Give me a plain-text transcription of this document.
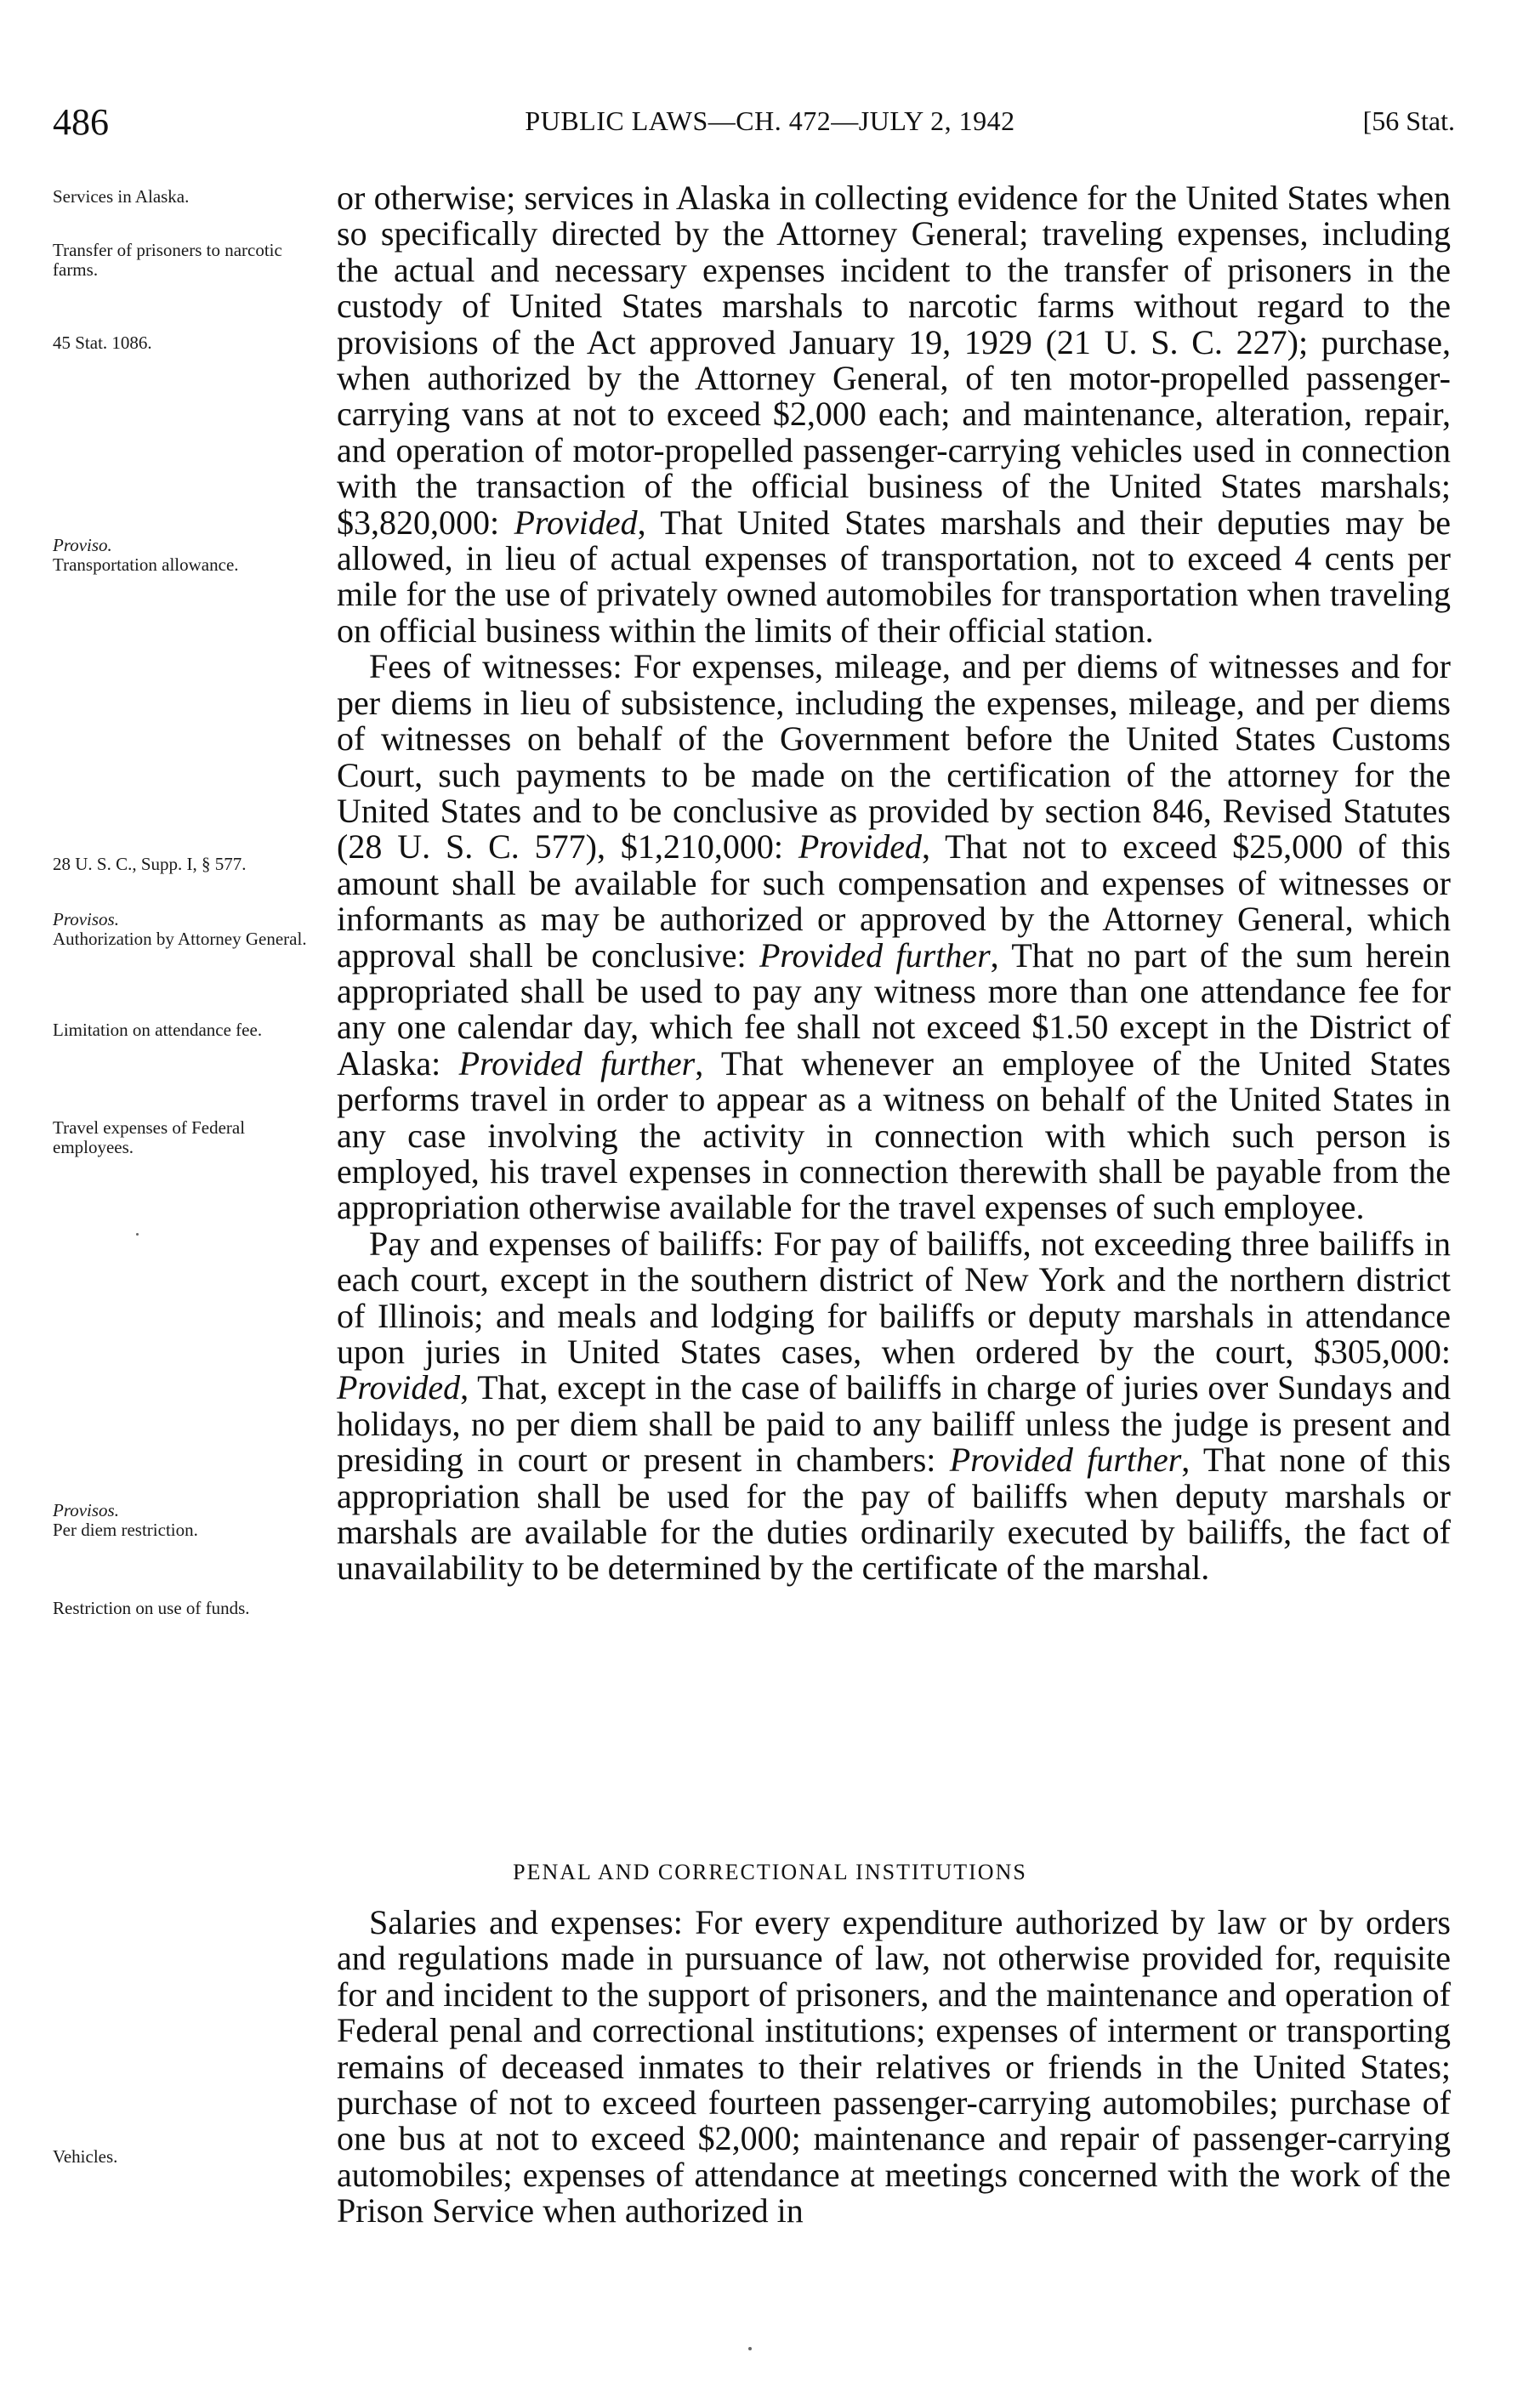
486	PUBLIC LAWS—CH. 472—JULY 2, 1942	[56 Stat.
Services in Alaska.
Transfer of prisoners to narcotic farms.
45 Stat. 1086.
Proviso.
Transportation allowance.
28 U. S. C., Supp. I, § 577.
Provisos.
Authorization by Attorney General.
Limitation on attendance fee.
Travel expenses of Federal employees.
Provisos.
Per diem restriction.
Restriction on use of funds.
Vehicles.

or otherwise; services in Alaska in collecting evidence for the United States when so specifically directed by the Attorney General; traveling expenses, including the actual and necessary expenses incident to the transfer of prisoners in the custody of United States marshals to narcotic farms without regard to the provisions of the Act approved January 19, 1929 (21 U. S. C. 227); purchase, when authorized by the Attorney General, of ten motor-propelled passenger-carrying vans at not to exceed $2,000 each; and maintenance, alteration, repair, and operation of motor-propelled passenger-carrying vehicles used in connection with the transaction of the official business of the United States marshals; $3,820,000: Provided, That United States marshals and their deputies may be allowed, in lieu of actual expenses of transportation, not to exceed 4 cents per mile for the use of privately owned automobiles for transportation when traveling on official business within the limits of their official station.

Fees of witnesses: For expenses, mileage, and per diems of witnesses and for per diems in lieu of subsistence, including the expenses, mileage, and per diems of witnesses on behalf of the Government before the United States Customs Court, such payments to be made on the certification of the attorney for the United States and to be conclusive as provided by section 846, Revised Statutes (28 U. S. C. 577), $1,210,000: Provided, That not to exceed $25,000 of this amount shall be available for such compensation and expenses of witnesses or informants as may be authorized or approved by the Attorney General, which approval shall be conclusive: Provided further, That no part of the sum herein appropriated shall be used to pay any witness more than one attendance fee for any one calendar day, which fee shall not exceed $1.50 except in the District of Alaska: Provided further, That whenever an employee of the United States performs travel in order to appear as a witness on behalf of the United States in any case involving the activity in connection with which such person is employed, his travel expenses in connection therewith shall be payable from the appropriation otherwise available for the travel expenses of such employee.

Pay and expenses of bailiffs: For pay of bailiffs, not exceeding three bailiffs in each court, except in the southern district of New York and the northern district of Illinois; and meals and lodging for bailiffs or deputy marshals in attendance upon juries in United States cases, when ordered by the court, $305,000: Provided, That, except in the case of bailiffs in charge of juries over Sundays and holidays, no per diem shall be paid to any bailiff unless the judge is present and presiding in court or present in chambers: Provided further, That none of this appropriation shall be used for the pay of bailiffs when deputy marshals or marshals are available for the duties ordinarily executed by bailiffs, the fact of unavailability to be determined by the certificate of the marshal.

PENAL AND CORRECTIONAL INSTITUTIONS

Salaries and expenses: For every expenditure authorized by law or by orders and regulations made in pursuance of law, not otherwise provided for, requisite for and incident to the support of prisoners, and the maintenance and operation of Federal penal and correctional institutions; expenses of interment or transporting remains of deceased inmates to their relatives or friends in the United States; purchase of not to exceed fourteen passenger-carrying automobiles; purchase of one bus at not to exceed $2,000; maintenance and repair of passenger-carrying automobiles; expenses of attendance at meetings concerned with the work of the Prison Service when authorized in
